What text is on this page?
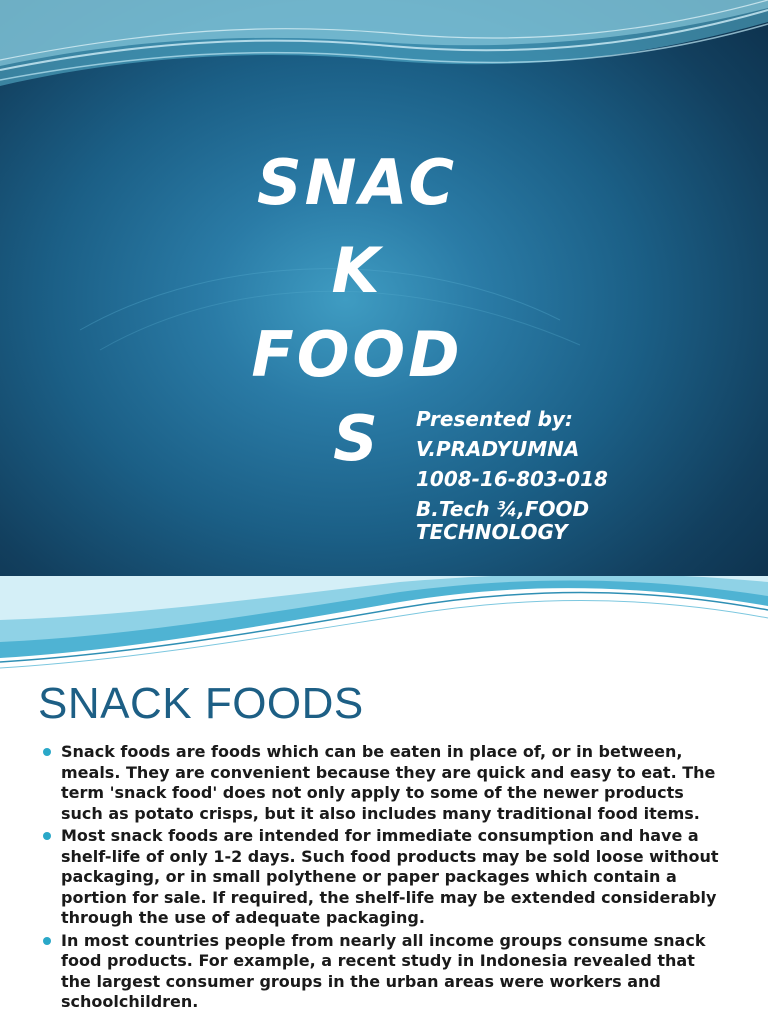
SNAC
K
FOOD
S	Presented by:
V.PRADYUMNA
1008-16-803-018
B.Tech ¾,FOOD
TECHNOLOGY
SNACK FOODS
Snack foods are foods which can be eaten in place of, or in between, meals. They are convenient because they are quick and easy to eat. The term 'snack food' does not only apply to some of the newer products such as potato crisps, but it also includes many traditional food items.
Most snack foods are intended for immediate consumption and have a shelf-life of only 1-2 days. Such food products may be sold loose without packaging, or in small polythene or paper packages which contain a portion for sale. If required, the shelf-life may be extended considerably through the use of adequate packaging.
In most countries people from nearly all income groups consume snack food products. For example, a recent study in Indonesia revealed that the largest consumer groups in the urban areas were workers and schoolchildren.
